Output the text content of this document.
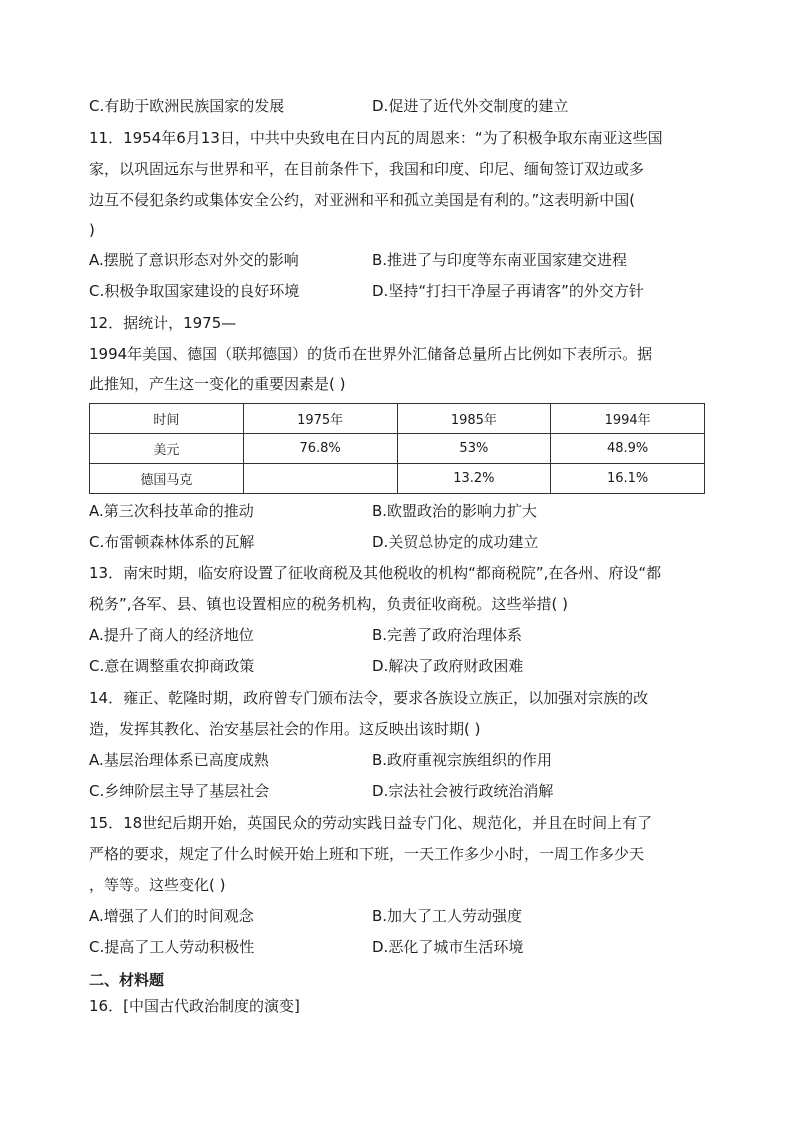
C.有助于欧洲民族国家的发展	D.促进了近代外交制度的建立
11．1954年6月13日，中共中央致电在日内瓦的周恩来：“为了积极争取东南亚这些国
家，以巩固远东与世界和平，在目前条件下，我国和印度、印尼、缅甸签订双边或多
边互不侵犯条约或集体安全公约，对亚洲和平和孤立美国是有利的。”这表明新中国(
)
A.摆脱了意识形态对外交的影响	B.推进了与印度等东南亚国家建交进程
C.积极争取国家建设的良好环境	D.坚持“打扫干净屋子再请客”的外交方针
12．据统计，1975—
1994年美国、德国（联邦德国）的货币在世界外汇储备总量所占比例如下表所示。据
此推知，产生这一变化的重要因素是( )
时间	1975年	1985年	1994年
美元	76.8%	53%	48.9%
德国马克		13.2%	16.1%
A.第三次科技革命的推动	B.欧盟政治的影响力扩大
C.布雷顿森林体系的瓦解	D.关贸总协定的成功建立
13．南宋时期，临安府设置了征收商税及其他税收的机构“都商税院”,在各州、府设“都
税务”,各军、县、镇也设置相应的税务机构，负责征收商税。这些举措( )
A.提升了商人的经济地位	B.完善了政府治理体系
C.意在调整重农抑商政策	D.解决了政府财政困难
14．雍正、乾隆时期，政府曾专门颁布法令，要求各族设立族正，以加强对宗族的改
造，发挥其教化、治安基层社会的作用。这反映出该时期( )
A.基层治理体系已高度成熟	B.政府重视宗族组织的作用
C.乡绅阶层主导了基层社会	D.宗法社会被行政统治消解
15．18世纪后期开始，英国民众的劳动实践日益专门化、规范化，并且在时间上有了
严格的要求，规定了什么时候开始上班和下班，一天工作多少小时，一周工作多少天
，等等。这些变化( )
A.增强了人们的时间观念	B.加大了工人劳动强度
C.提高了工人劳动积极性	D.恶化了城市生活环境
二、材料题
16．[中国古代政治制度的演变]
